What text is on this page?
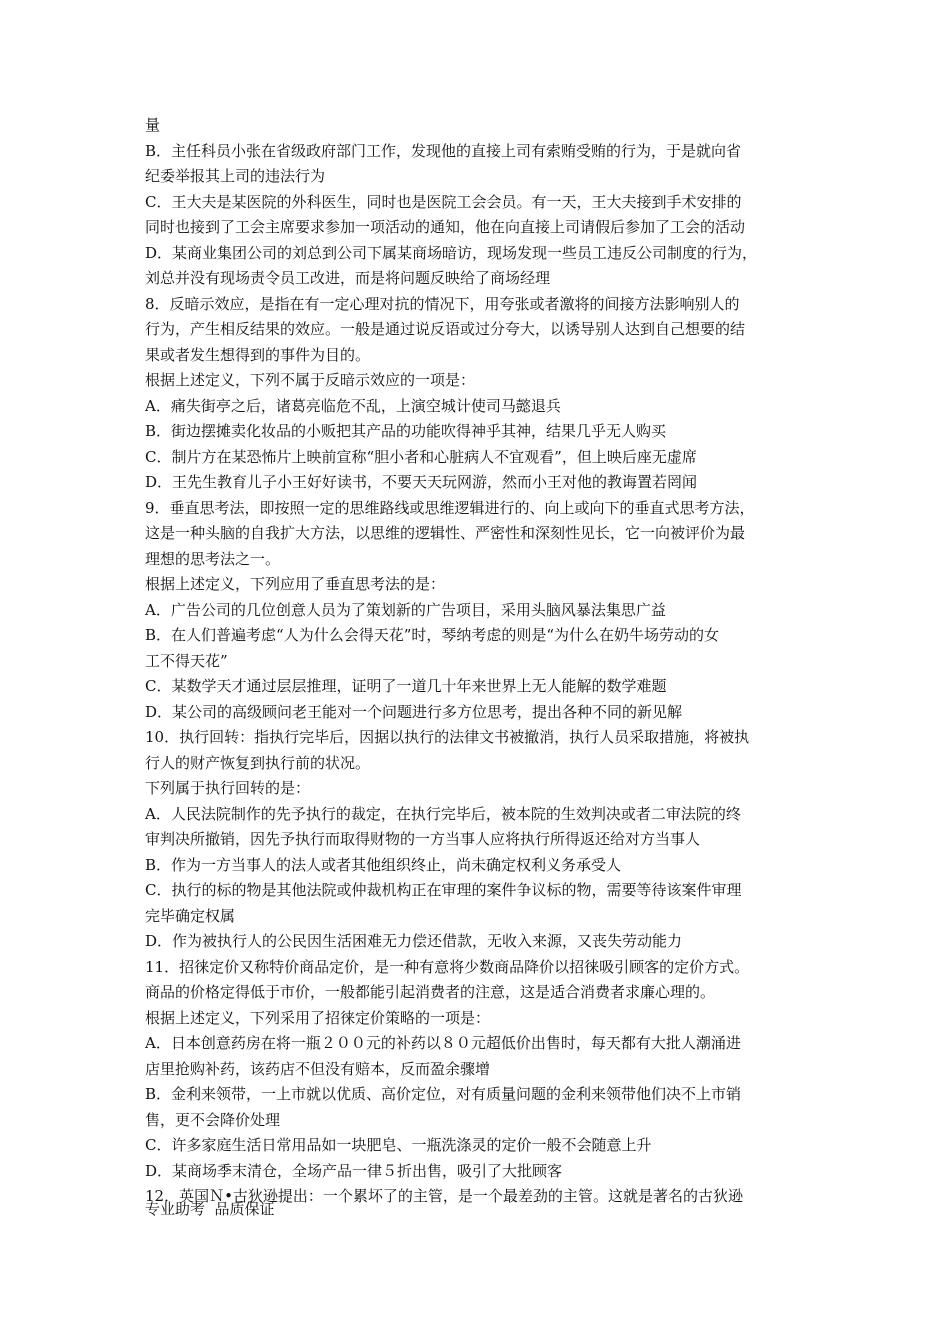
量
B．主任科员小张在省级政府部门工作，发现他的直接上司有索贿受贿的行为，于是就向省
纪委举报其上司的违法行为
C．王大夫是某医院的外科医生，同时也是医院工会会员。有一天，王大夫接到手术安排的
同时也接到了工会主席要求参加一项活动的通知，他在向直接上司请假后参加了工会的活动
D．某商业集团公司的刘总到公司下属某商场暗访，现场发现一些员工违反公司制度的行为，
刘总并没有现场责令员工改进，而是将问题反映给了商场经理
8．反暗示效应，是指在有一定心理对抗的情况下，用夸张或者激将的间接方法影响别人的
行为，产生相反结果的效应。一般是通过说反语或过分夸大，以诱导别人达到自己想要的结
果或者发生想得到的事件为目的。
根据上述定义，下列不属于反暗示效应的一项是：
A．痛失街亭之后，诸葛亮临危不乱，上演空城计使司马懿退兵
B．街边摆摊卖化妆品的小贩把其产品的功能吹得神乎其神，结果几乎无人购买
C．制片方在某恐怖片上映前宣称“胆小者和心脏病人不宜观看”，但上映后座无虚席
D．王先生教育儿子小王好好读书，不要天天玩网游，然而小王对他的教诲置若罔闻
9．垂直思考法，即按照一定的思维路线或思维逻辑进行的、向上或向下的垂直式思考方法，
这是一种头脑的自我扩大方法，以思维的逻辑性、严密性和深刻性见长，它一向被评价为最
理想的思考法之一。
根据上述定义，下列应用了垂直思考法的是：
A．广告公司的几位创意人员为了策划新的广告项目，采用头脑风暴法集思广益
B．在人们普遍考虑“人为什么会得天花”时，琴纳考虑的则是“为什么在奶牛场劳动的女
工不得天花”
C．某数学天才通过层层推理，证明了一道几十年来世界上无人能解的数学难题
D．某公司的高级顾问老王能对一个问题进行多方位思考，提出各种不同的新见解
10．执行回转：指执行完毕后，因据以执行的法律文书被撤消，执行人员采取措施，将被执
行人的财产恢复到执行前的状况。
下列属于执行回转的是：
A．人民法院制作的先予执行的裁定，在执行完毕后，被本院的生效判决或者二审法院的终
审判决所撤销，因先予执行而取得财物的一方当事人应将执行所得返还给对方当事人
B．作为一方当事人的法人或者其他组织终止，尚未确定权利义务承受人
C．执行的标的物是其他法院或仲裁机构正在审理的案件争议标的物，需要等待该案件审理
完毕确定权属
D．作为被执行人的公民因生活困难无力偿还借款，无收入来源，又丧失劳动能力
11．招徕定价又称特价商品定价，是一种有意将少数商品降价以招徕吸引顾客的定价方式。
商品的价格定得低于市价，一般都能引起消费者的注意，这是适合消费者求廉心理的。
根据上述定义，下列采用了招徕定价策略的一项是：
A．日本创意药房在将一瓶２００元的补药以８０元超低价出售时，每天都有大批人潮涌进
店里抢购补药，该药店不但没有赔本，反而盈余骤增
B．金利来领带，一上市就以优质、高价定位，对有质量问题的金利来领带他们决不上市销
售，更不会降价处理
C．许多家庭生活日常用品如一块肥皂、一瓶洗涤灵的定价一般不会随意上升
D．某商场季末清仓，全场产品一律５折出售，吸引了大批顾客
12．英国Ｎ•古狄逊提出：一个累坏了的主管，是一个最差劲的主管。这就是著名的古狄逊
专业助考  品质保证
